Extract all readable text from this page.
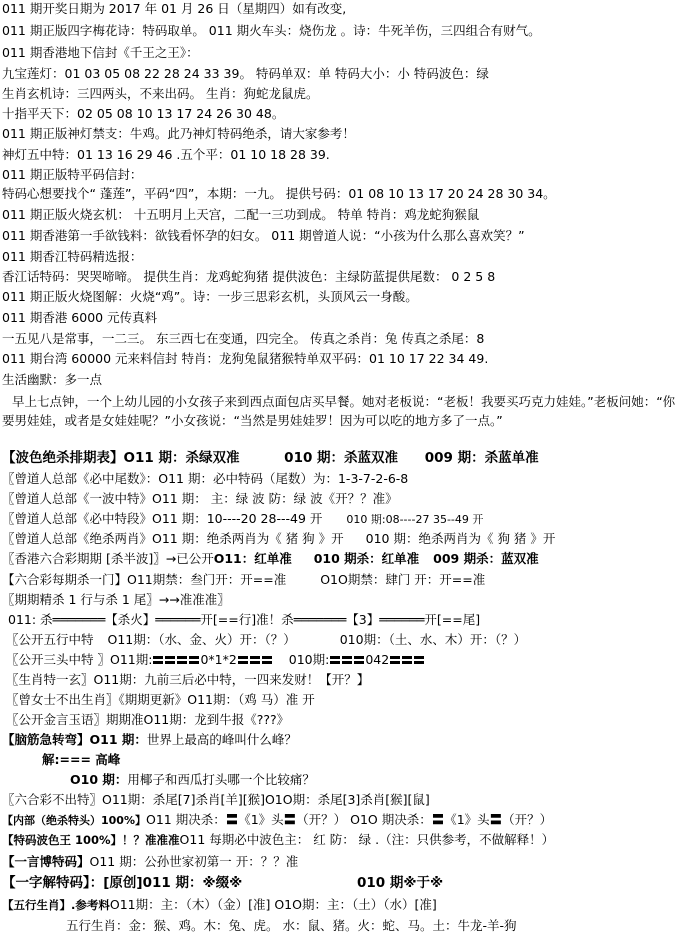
011 期开奖日期为 2017 年 01 月 26 日（星期四）如有改变,
011 期正版四字梅花诗：特码取单。 011 期火车头：烧伤龙 。诗：牛死羊伤，三四组合有财气。
011 期香港地下信封《千王之王》：
九宝莲灯：01 03 05 08 22 28 24 33 39。 特码单双：单 特码大小：小 特码波色：绿
生肖玄机诗：三四两头，不来出码。 生肖：狗蛇龙鼠虎。
十指平天下：02 05 08 10 13 17 24 26 30 48。
011 期正版神灯禁支：牛鸡。此乃神灯特码绝杀，请大家参考！
神灯五中特：01 13 16 29 46 .五个平：01 10 18 28 39.
011 期正版特平码信封：
特码心想要找个“ 蓬莲”，平码“四”，本期：一九。 提供号码：01 08 10 13 17 20 24 28 30 34。
011 期正版火烧玄机： 十五明月上天宫，二配一三功到成。 特单 特肖：鸡龙蛇狗猴鼠
011 期香港第一手欲钱料：欲钱看怀孕的妇女。 011 期曾道人说：“小孩为什么那么喜欢笑？”
011 期香江特码精选报：
香江话特码：哭哭啼啼。 提供生肖：龙鸡蛇狗猪 提供波色：主绿防蓝提供尾数： 0 2 5 8
011 期正版火烧图解：火烧“鸡”。诗：一步三思彩玄机，头顶风云一身酸。
011 期香港 6000 元传真料
一五见八是常事，一二三。 东三西七在变通，四完全。 传真之杀肖：兔 传真之杀尾：8
011 期台湾 60000 元来料信封 特肖：龙狗兔鼠猪猴特单双平码：01 10 17 22 34 49.
生活幽默：多一点
早上七点钟，一个上幼儿园的小女孩子来到西点面包店买早餐。她对老板说：“老板！我要买巧克力娃娃。”老板问她：“你要男娃娃，或者是女娃娃呢？”小女孩说：“当然是男娃娃罗！因为可以吃的地方多了一点。”
【波色绝杀排期表】O11 期：杀绿双准	010 期：杀蓝双准 009 期：杀蓝单准
〖曾道人总部《必中尾数》：O11 期：必中特码（尾数）为：1-3-7-2-6-8
〖曾道人总部《一波中特》O11 期： 主：绿 波 防：绿 波《开？？准》
〖曾道人总部《必中特段》O11 期：10----20 28---49 开 010 期:08----27 35--49 开
〖曾道人总部《绝杀两肖》O11 期：绝杀两肖为《 猪 狗 》开 010 期：绝杀两肖为《 狗 猪 》开
〖香港六合彩期期 [杀半波]〗→已公开O11：红单准 010 期杀：红单准 009 期杀：蓝双准
【六合彩每期杀一门】O11期禁：叁门开：开==准	O1O期禁：肆门 开：开==准
〖期期精杀 1 行与杀 1 尾〗→→准准准〗
011: 杀═══════【杀火】══════开[==行]准！杀═══════【3】══════开[==尾]
〖公开五行中特 O11期：（水、金、火）开：（？）	010期：（土、水、木）开：（？）
〖公开三头中特 〗O11期:	0*1*2	010期:	042
〖生肖特一玄〗O11期：九前三后必中特，一四来发财！【开？】
〖曾女士不出生肖〗《期期更新》O11期：（鸡 马）准 开
〖公开金言玉语〗期期准O11期：龙到牛报《???》
【脑筋急转弯】O11 期：世界上最高的峰叫什么峰？
解:=== 高峰
O10 期：用椰子和西瓜打头哪一个比较痛？
〖六合彩不出特〗O11期：杀尾[7]杀肖[羊][猴]O1O期：杀尾[3]杀肖[猴][鼠]
【内部（绝杀特头）100%】O11 期决杀：〓《1》头〓（开？） O1O 期决杀：〓《1》头〓（开？）
【特码波色王 100%】！？准准准O11 每期必中波色主： 红 防： 绿 .（注：只供参考，不做解释！）
【一言博特码】O11 期：公孙世家初第一 开：？？准
【一字解特码】：[原创]011 期：※缀※	010 期※于※
【五行生肖】.参考料O11期：主：（木）（金）[准] O1O期：主：（土）（水）[准]
五行生肖：金：猴、鸡。木：兔、虎。 水：鼠、猪。火：蛇、马。土：牛龙-羊-狗
